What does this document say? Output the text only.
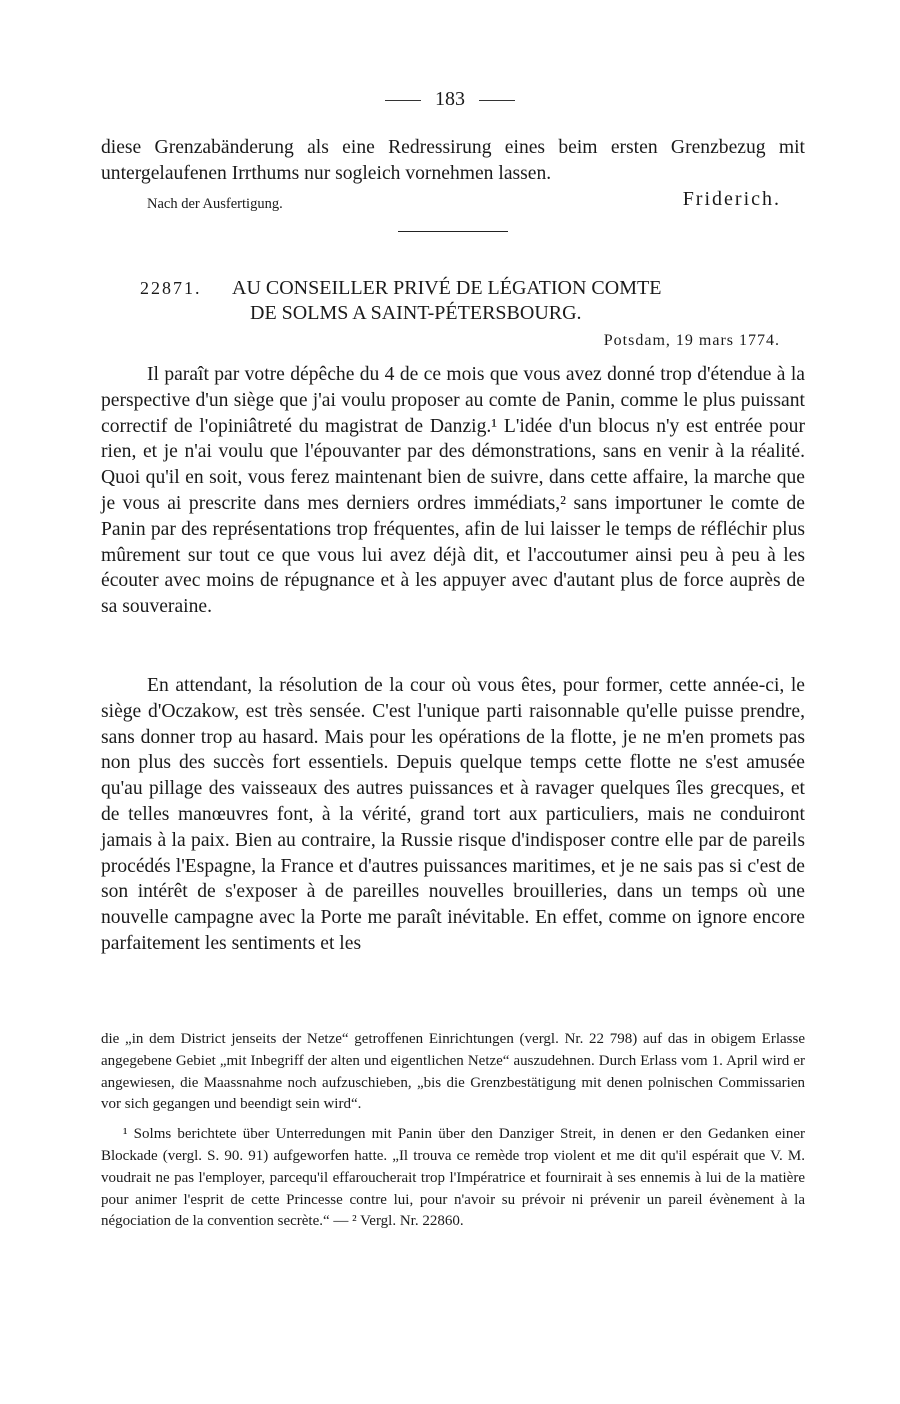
183
diese Grenzabänderung als eine Redressirung eines beim ersten Grenzbezug mit untergelaufenen Irrthums nur sogleich vornehmen lassen.
Nach der Ausfertigung.	Friderich.
22871. AU CONSEILLER PRIVÉ DE LÉGATION COMTE
DE SOLMS A SAINT-PÉTERSBOURG.
Potsdam, 19 mars 1774.
Il paraît par votre dépêche du 4 de ce mois que vous avez donné trop d'étendue à la perspective d'un siège que j'ai voulu proposer au comte de Panin, comme le plus puissant correctif de l'opiniâtreté du magistrat de Danzig.¹ L'idée d'un blocus n'y est entrée pour rien, et je n'ai voulu que l'épouvanter par des démonstrations, sans en venir à la réalité. Quoi qu'il en soit, vous ferez maintenant bien de suivre, dans cette affaire, la marche que je vous ai prescrite dans mes derniers ordres immédiats,² sans importuner le comte de Panin par des représentations trop fréquentes, afin de lui laisser le temps de réfléchir plus mûrement sur tout ce que vous lui avez déjà dit, et l'accoutumer ainsi peu à peu à les écouter avec moins de répugnance et à les appuyer avec d'autant plus de force auprès de sa souveraine.
En attendant, la résolution de la cour où vous êtes, pour former, cette année-ci, le siège d'Oczakow, est très sensée. C'est l'unique parti raisonnable qu'elle puisse prendre, sans donner trop au hasard. Mais pour les opérations de la flotte, je ne m'en promets pas non plus des succès fort essentiels. Depuis quelque temps cette flotte ne s'est amusée qu'au pillage des vaisseaux des autres puissances et à ravager quelques îles grecques, et de telles manœuvres font, à la vérité, grand tort aux particuliers, mais ne conduiront jamais à la paix. Bien au contraire, la Russie risque d'indisposer contre elle par de pareils procédés l'Espagne, la France et d'autres puissances maritimes, et je ne sais pas si c'est de son intérêt de s'exposer à de pareilles nouvelles brouilleries, dans un temps où une nouvelle campagne avec la Porte me paraît inévitable. En effet, comme on ignore encore parfaitement les sentiments et les

die „in dem District jenseits der Netze“ getroffenen Einrichtungen (vergl. Nr. 22 798) auf das in obigem Erlasse angegebene Gebiet „mit Inbegriff der alten und eigentlichen Netze“ auszudehnen. Durch Erlass vom 1. April wird er angewiesen, die Maassnahme noch aufzuschieben, „bis die Grenzbestätigung mit denen polnischen Commissarien vor sich gegangen und beendigt sein wird“.

¹ Solms berichtete über Unterredungen mit Panin über den Danziger Streit, in denen er den Gedanken einer Blockade (vergl. S. 90. 91) aufgeworfen hatte. „Il trouva ce remède trop violent et me dit qu'il espérait que V. M. voudrait ne pas l'employer, parcequ'il effaroucherait trop l'Impératrice et fournirait à ses ennemis à lui de la matière pour animer l'esprit de cette Princesse contre lui, pour n'avoir su prévoir ni prévenir un pareil évènement à la négociation de la convention secrète.“ — ² Vergl. Nr. 22860.
